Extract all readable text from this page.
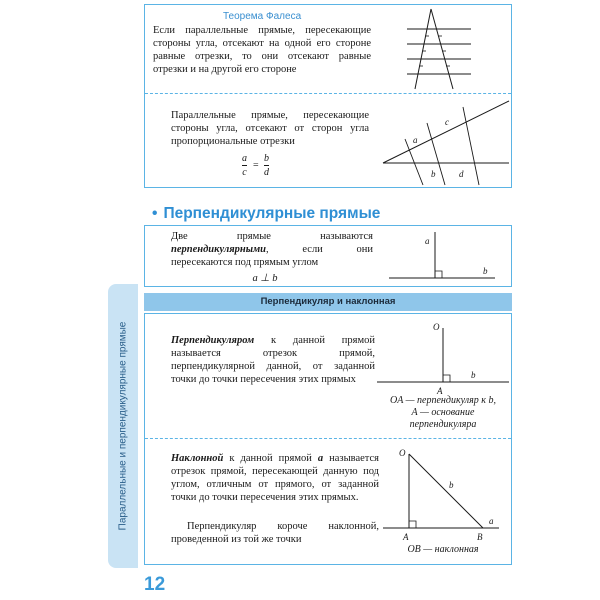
Параллельные и перпендикулярные прямые
12
Теорема Фалеса
Если параллельные прямые, пересекающие стороны угла, отсекают на одной его стороне равные отрезки, то они отсекают равные отрезки и на другой его стороне
Параллельные прямые, пересекающие стороны угла, отсекают от сторон угла пропорциональные отрезки
a
c
=
b
d
a
c
b	d
• Перпендикулярные прямые
Две прямые называются перпендикулярными, если они пересекаются под прямым углом
a ⊥ b
a
b
Перпендикуляр и наклонная
Перпендикуляром к данной прямой называется отрезок прямой, перпендикулярной данной, от заданной точки до точки пересечения этих прямых
O
A
b
OA — перпендикуляр к b,
A — основание
перпендикуляра
Наклонной к данной прямой a называется отрезок прямой, пересекающей данную под углом, отличным от прямого, от заданной точки до точки пересечения этих прямых.
Перпендикуляр короче наклонной, проведенной из той же точки
O
A	B
b
a
OB — наклонная
